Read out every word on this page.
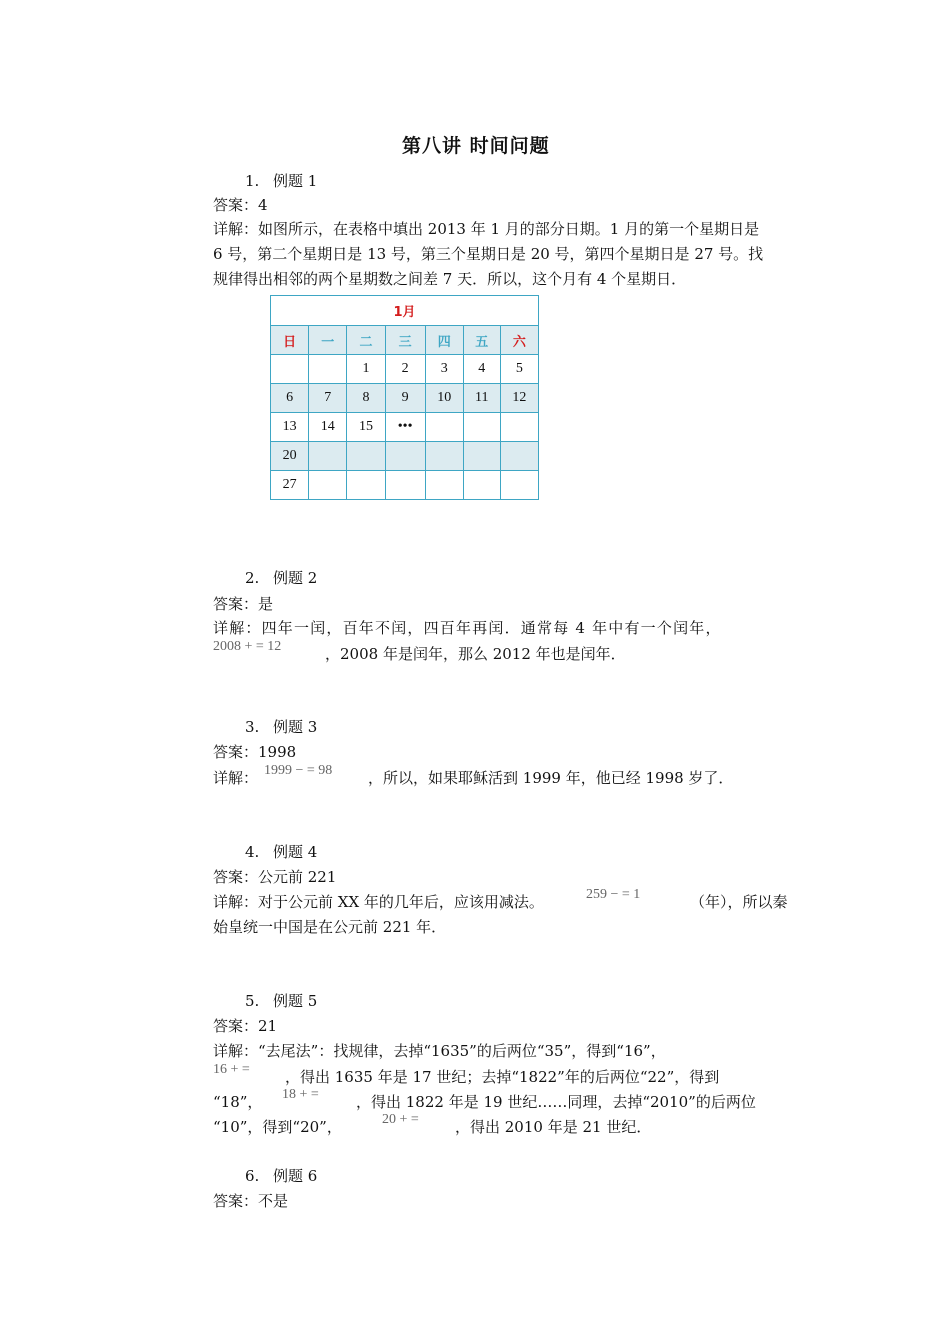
第八讲 时间问题
1. 例题 1
答案：4
详解：如图所示，在表格中填出 2013 年 1 月的部分日期。1 月的第一个星期日是
6 号，第二个星期日是 13 号，第三个星期日是 20 号，第四个星期日是 27 号。找
规律得出相邻的两个星期数之间差 7 天．所以，这个月有 4 个星期日．
1月						
日	一	二	三	四	五	六
		1	2	3	4	5
6	7	8	9	10	11	12
13	14	15	•••			
20						
27						
2. 例题 2
答案：是
详解：四年一闰，百年不闰，四百年再闰．通常每 4 年中有一个闰年，
2008 + = 12	，2008 年是闰年，那么 2012 年也是闰年．
3. 例题 3
答案：1998
详解： 1999 − = 98 ，所以，如果耶稣活到 1999 年，他已经 1998 岁了．
4. 例题 4
答案：公元前 221
详解：对于公元前 XX 年的几年后，应该用减法。	259 − = 1	（年），所以秦
始皇统一中国是在公元前 221 年．
5. 例题 5
答案：21
详解：“去尾法”：找规律，去掉“1635”的后两位“35”，得到“16”，
16 + = ，得出 1635 年是 17 世纪；去掉“1822”年的后两位“22”，得到
“18”， 18 + = ，得出 1822 年是 19 世纪……同理，去掉“2010”的后两位
“10”，得到“20”，	20 + = ，得出 2010 年是 21 世纪．
6. 例题 6
答案：不是
